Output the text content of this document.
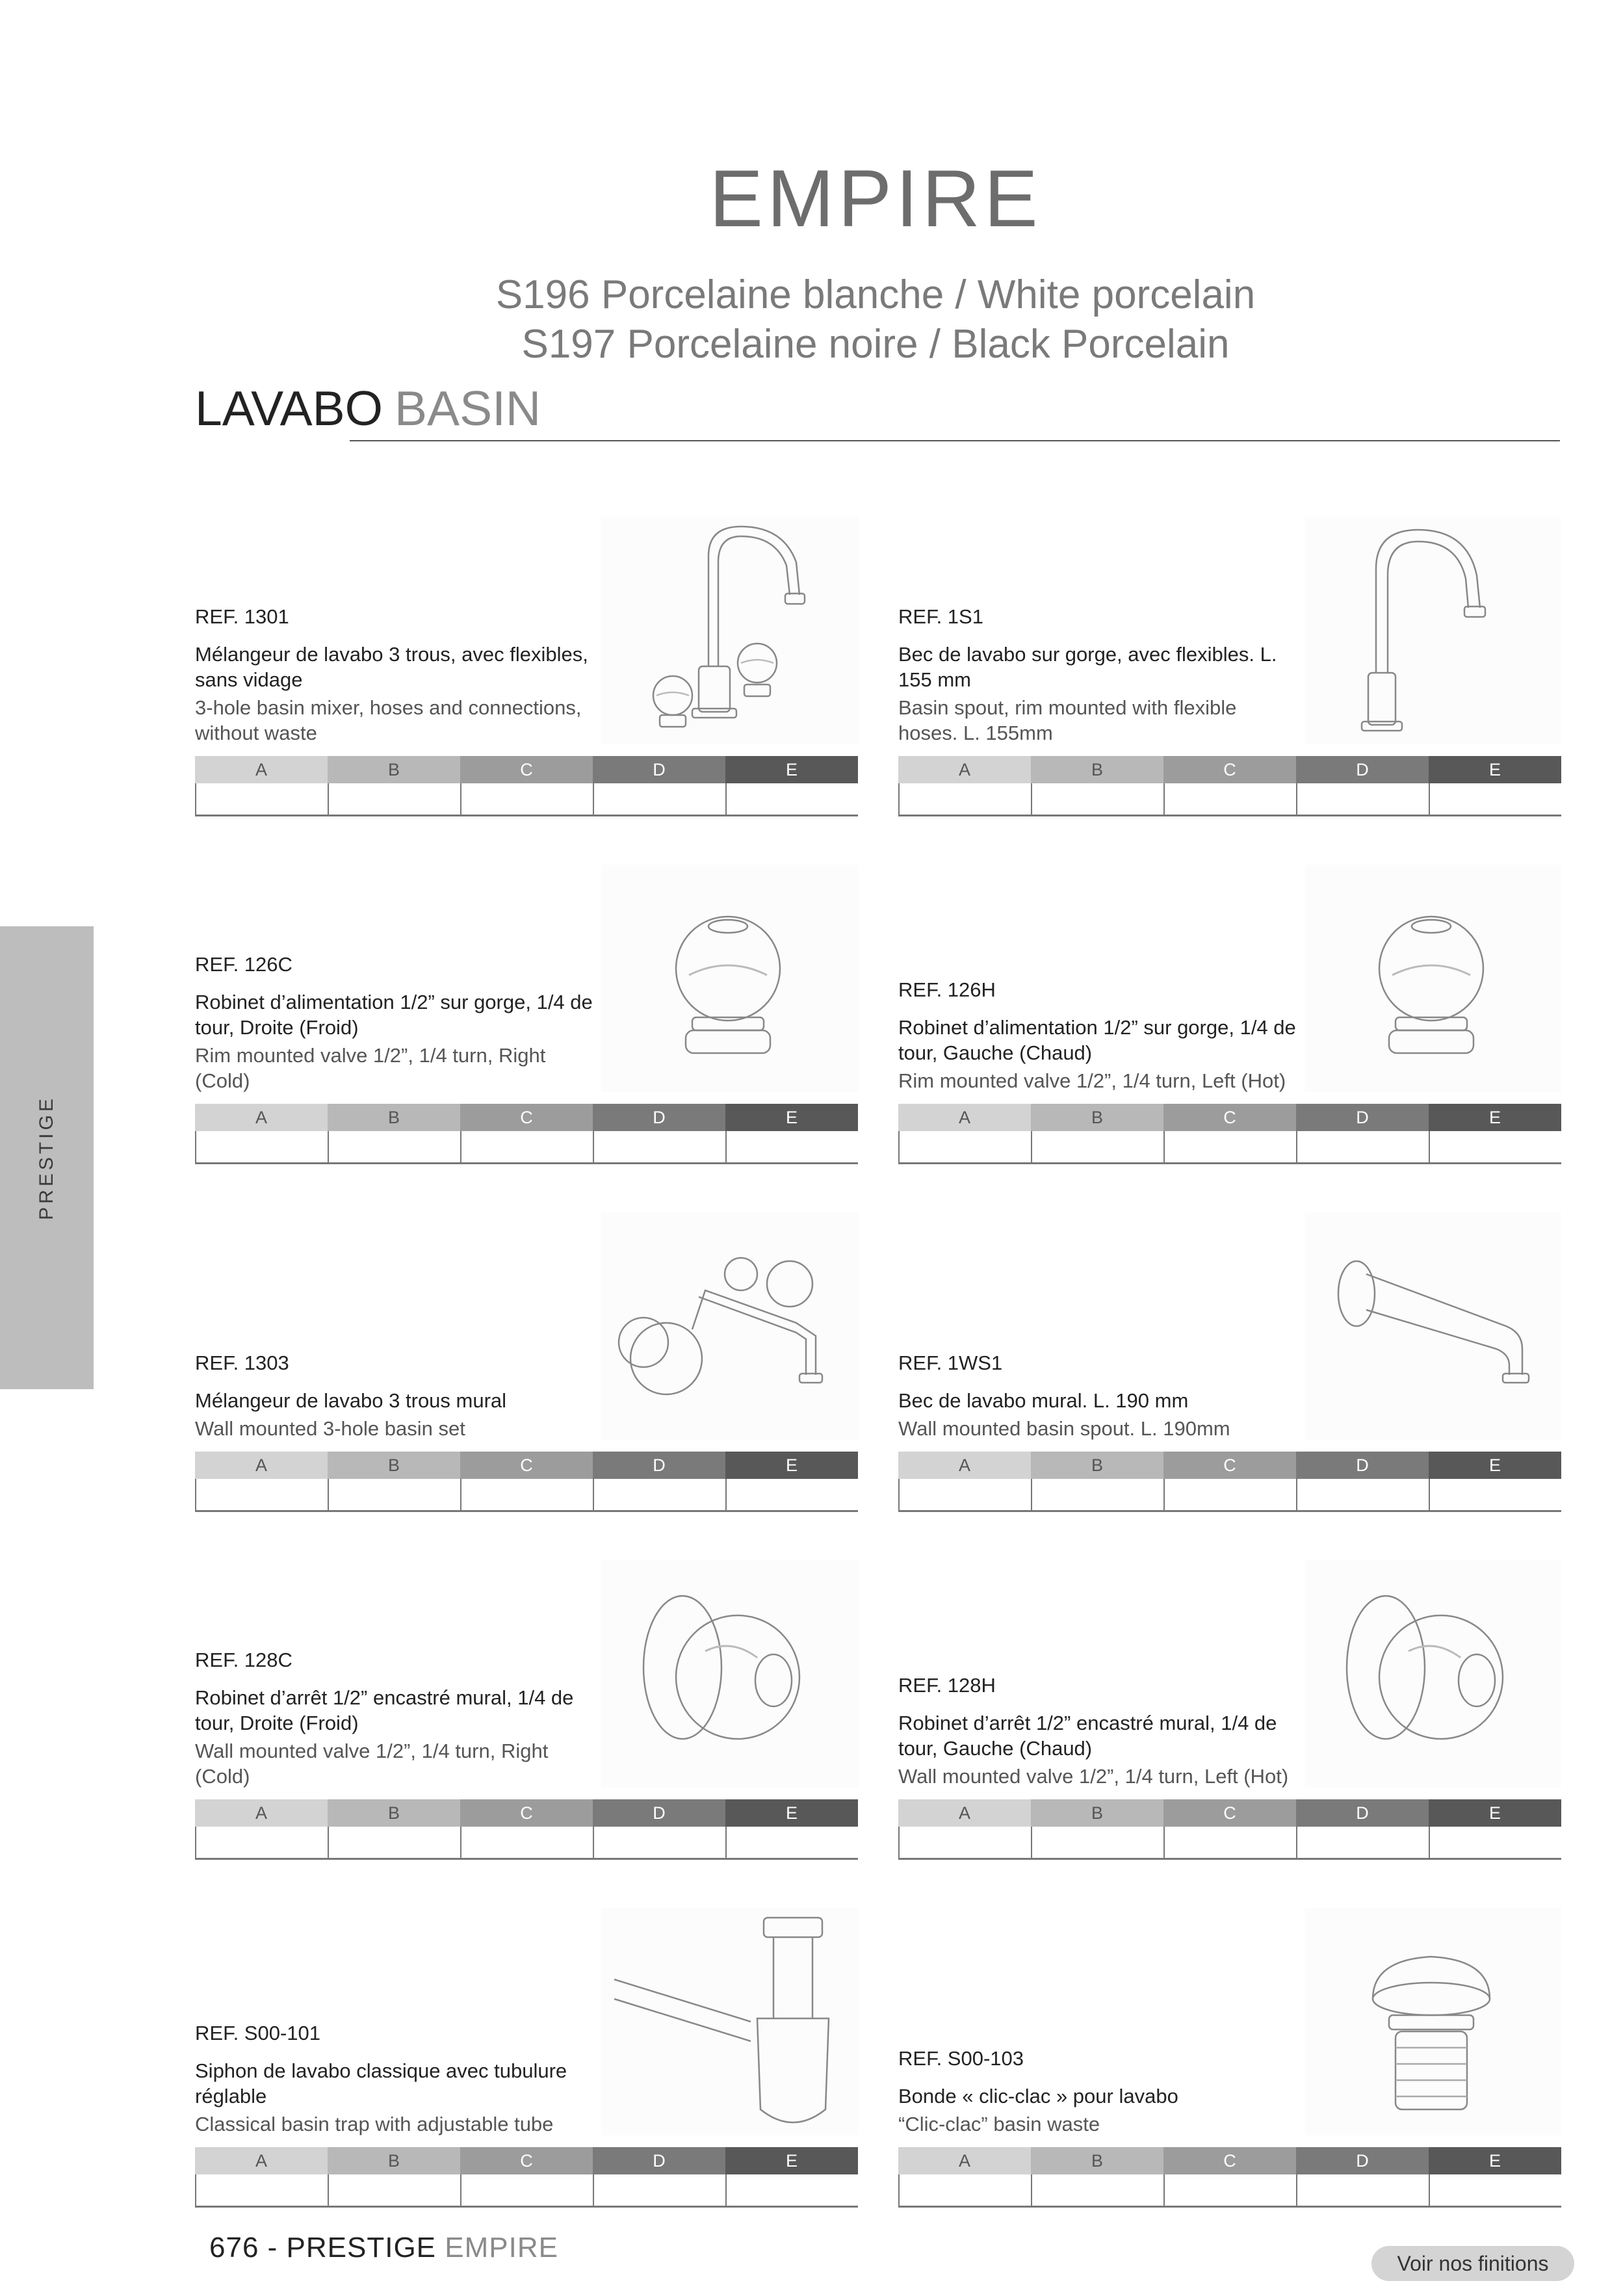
EMPIRE
S196 Porcelaine blanche / White porcelain
S197 Porcelaine noire / Black Porcelain
LAVABO BASIN
PRESTIGE
REF. 1301
Mélangeur de lavabo 3 trous, avec flexibles, sans vidage
3-hole basin mixer, hoses and connections, without waste
A	B	C	D	E
REF. 1S1
Bec de lavabo sur gorge, avec flexibles. L. 155 mm
Basin spout, rim mounted with flexible hoses. L. 155mm
A	B	C	D	E
REF. 126C
Robinet d’alimentation 1/2” sur gorge, 1/4 de tour, Droite (Froid)
Rim mounted valve 1/2”, 1/4 turn, Right (Cold)
A	B	C	D	E
REF. 126H
Robinet d’alimentation 1/2” sur gorge, 1/4 de tour, Gauche (Chaud)
Rim mounted valve 1/2”, 1/4 turn, Left (Hot)
A	B	C	D	E
REF. 1303
Mélangeur de lavabo 3 trous mural
Wall mounted 3-hole basin set
A	B	C	D	E
REF. 1WS1
Bec de lavabo mural. L. 190 mm
Wall mounted basin spout. L. 190mm
A	B	C	D	E
REF. 128C
Robinet d’arrêt 1/2” encastré mural, 1/4 de tour, Droite (Froid)
Wall mounted valve 1/2”, 1/4 turn, Right (Cold)
A	B	C	D	E
REF. 128H
Robinet d’arrêt 1/2” encastré mural, 1/4 de tour, Gauche (Chaud)
Wall mounted valve 1/2”, 1/4 turn, Left (Hot)
A	B	C	D	E
REF. S00-101
Siphon de lavabo classique avec tubulure réglable
Classical basin trap with adjustable tube
A	B	C	D	E
REF. S00-103
Bonde « clic-clac » pour lavabo
“Clic-clac” basin waste
A	B	C	D	E
676 - PRESTIGE EMPIRE	Voir nos finitions
